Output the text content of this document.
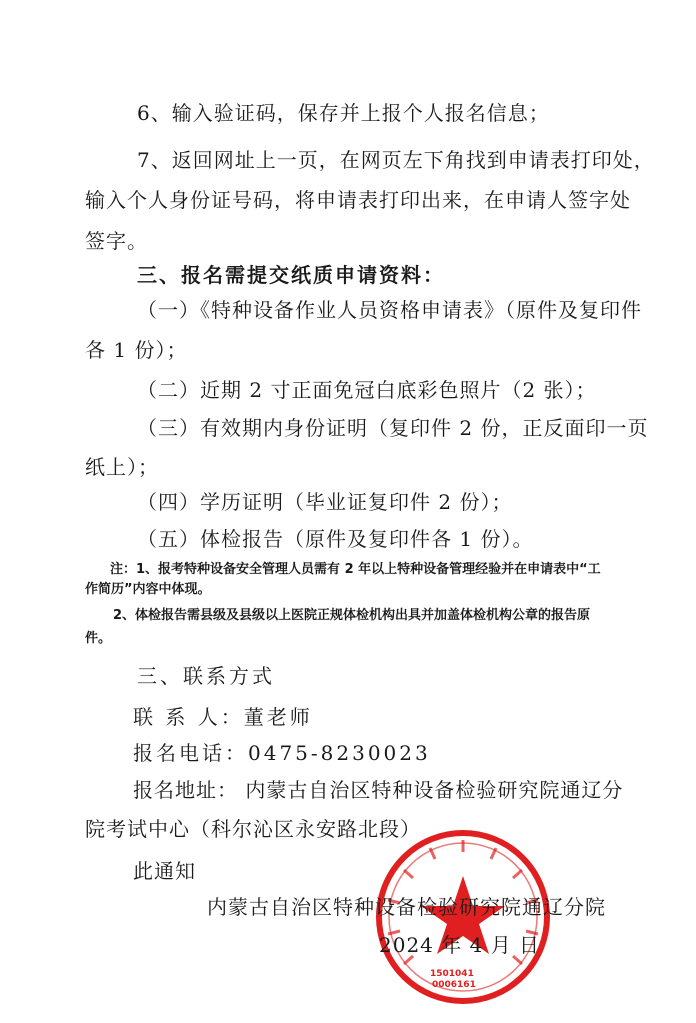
6、输入验证码，保存并上报个人报名信息；
7、返回网址上一页，在网页左下角找到申请表打印处，
输入个人身份证号码，将申请表打印出来，在申请人签字处
签字。
三、报名需提交纸质申请资料：
（一）《特种设备作业人员资格申请表》（原件及复印件
各 1 份）；
（二）近期 2 寸正面免冠白底彩色照片（2 张）；
（三）有效期内身份证明（复印件 2 份，正反面印一页
纸上）；
（四）学历证明（毕业证复印件 2 份）；
（五）体检报告（原件及复印件各 1 份）。
注：1、报考特种设备安全管理人员需有 2 年以上特种设备管理经验并在申请表中“工
作简历”内容中体现。
2、体检报告需县级及县级以上医院正规体检机构出具并加盖体检机构公章的报告原
件。
三、联系方式
联 系 人：董老师
报名电话：0475-8230023
报名地址： 内蒙古自治区特种设备检验研究院通辽分
院考试中心（科尔沁区永安路北段）
此通知
1501041
0006161
内蒙古自治区特种设备检验研究院通辽分院
2024 年 4 月 日
